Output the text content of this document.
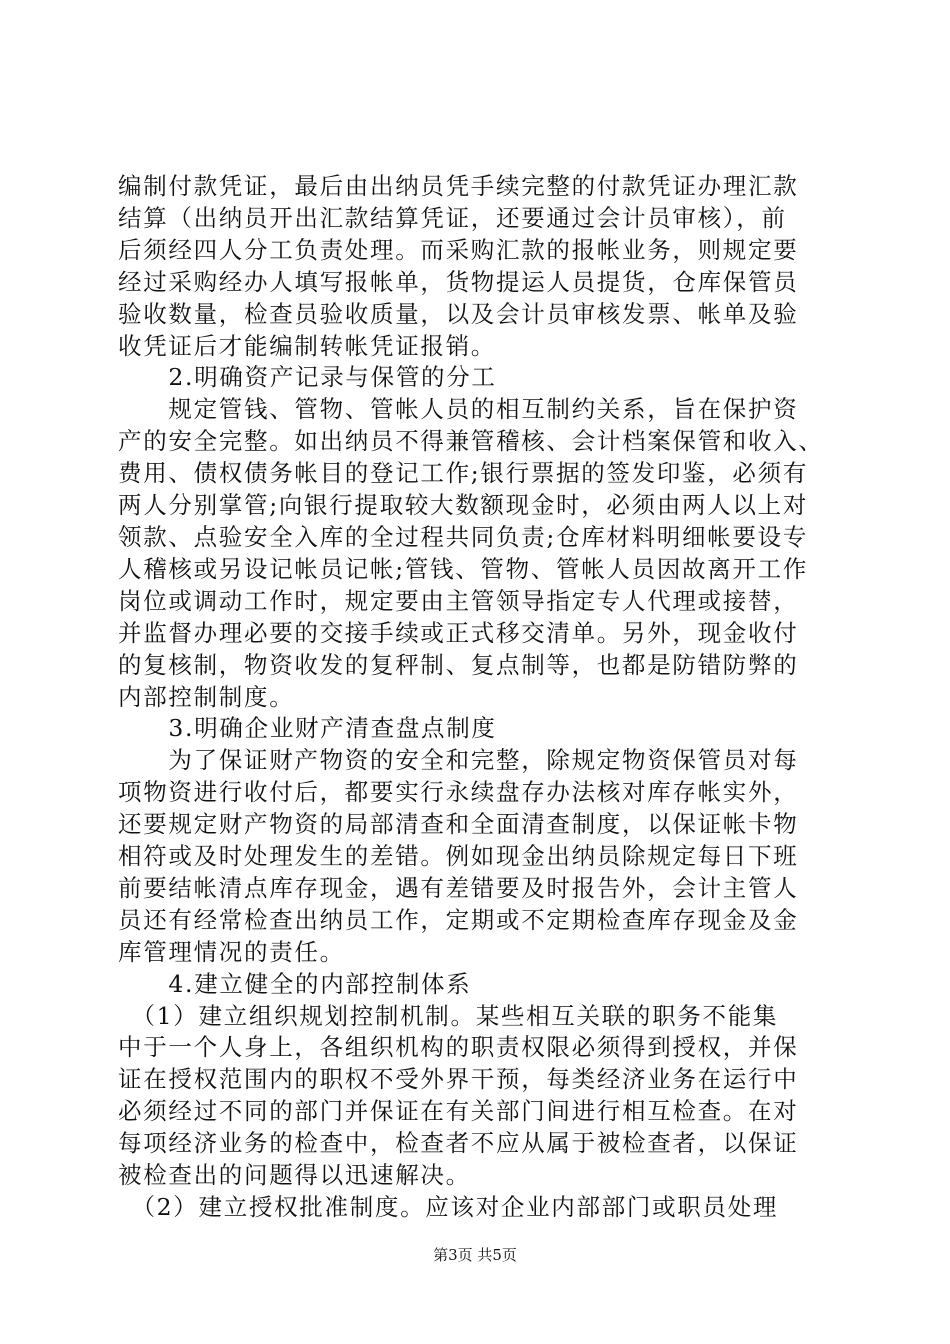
编制付款凭证，最后由出纳员凭手续完整的付款凭证办理汇款
结算（出纳员开出汇款结算凭证，还要通过会计员审核），前
后须经四人分工负责处理。而采购汇款的报帐业务，则规定要
经过采购经办人填写报帐单，货物提运人员提货，仓库保管员
验收数量，检查员验收质量，以及会计员审核发票、帐单及验
收凭证后才能编制转帐凭证报销。
　　2.明确资产记录与保管的分工
　　规定管钱、管物、管帐人员的相互制约关系，旨在保护资
产的安全完整。如出纳员不得兼管稽核、会计档案保管和收入、
费用、债权债务帐目的登记工作;银行票据的签发印鉴，必须有
两人分别掌管;向银行提取较大数额现金时，必须由两人以上对
领款、点验安全入库的全过程共同负责;仓库材料明细帐要设专
人稽核或另设记帐员记帐;管钱、管物、管帐人员因故离开工作
岗位或调动工作时，规定要由主管领导指定专人代理或接替，
并监督办理必要的交接手续或正式移交清单。另外，现金收付
的复核制，物资收发的复秤制、复点制等，也都是防错防弊的
内部控制制度。
　　3.明确企业财产清查盘点制度
　　为了保证财产物资的安全和完整，除规定物资保管员对每
项物资进行收付后，都要实行永续盘存办法核对库存帐实外，
还要规定财产物资的局部清查和全面清查制度，以保证帐卡物
相符或及时处理发生的差错。例如现金出纳员除规定每日下班
前要结帐清点库存现金，遇有差错要及时报告外，会计主管人
员还有经常检查出纳员工作，定期或不定期检查库存现金及金
库管理情况的责任。
　　4.建立健全的内部控制体系
　（1）建立组织规划控制机制。某些相互关联的职务不能集
中于一个人身上，各组织机构的职责权限必须得到授权，并保
证在授权范围内的职权不受外界干预，每类经济业务在运行中
必须经过不同的部门并保证在有关部门间进行相互检查。在对
每项经济业务的检查中，检查者不应从属于被检查者，以保证
被检查出的问题得以迅速解决。
　（2）建立授权批准制度。应该对企业内部部门或职员处理
第3页 共5页
